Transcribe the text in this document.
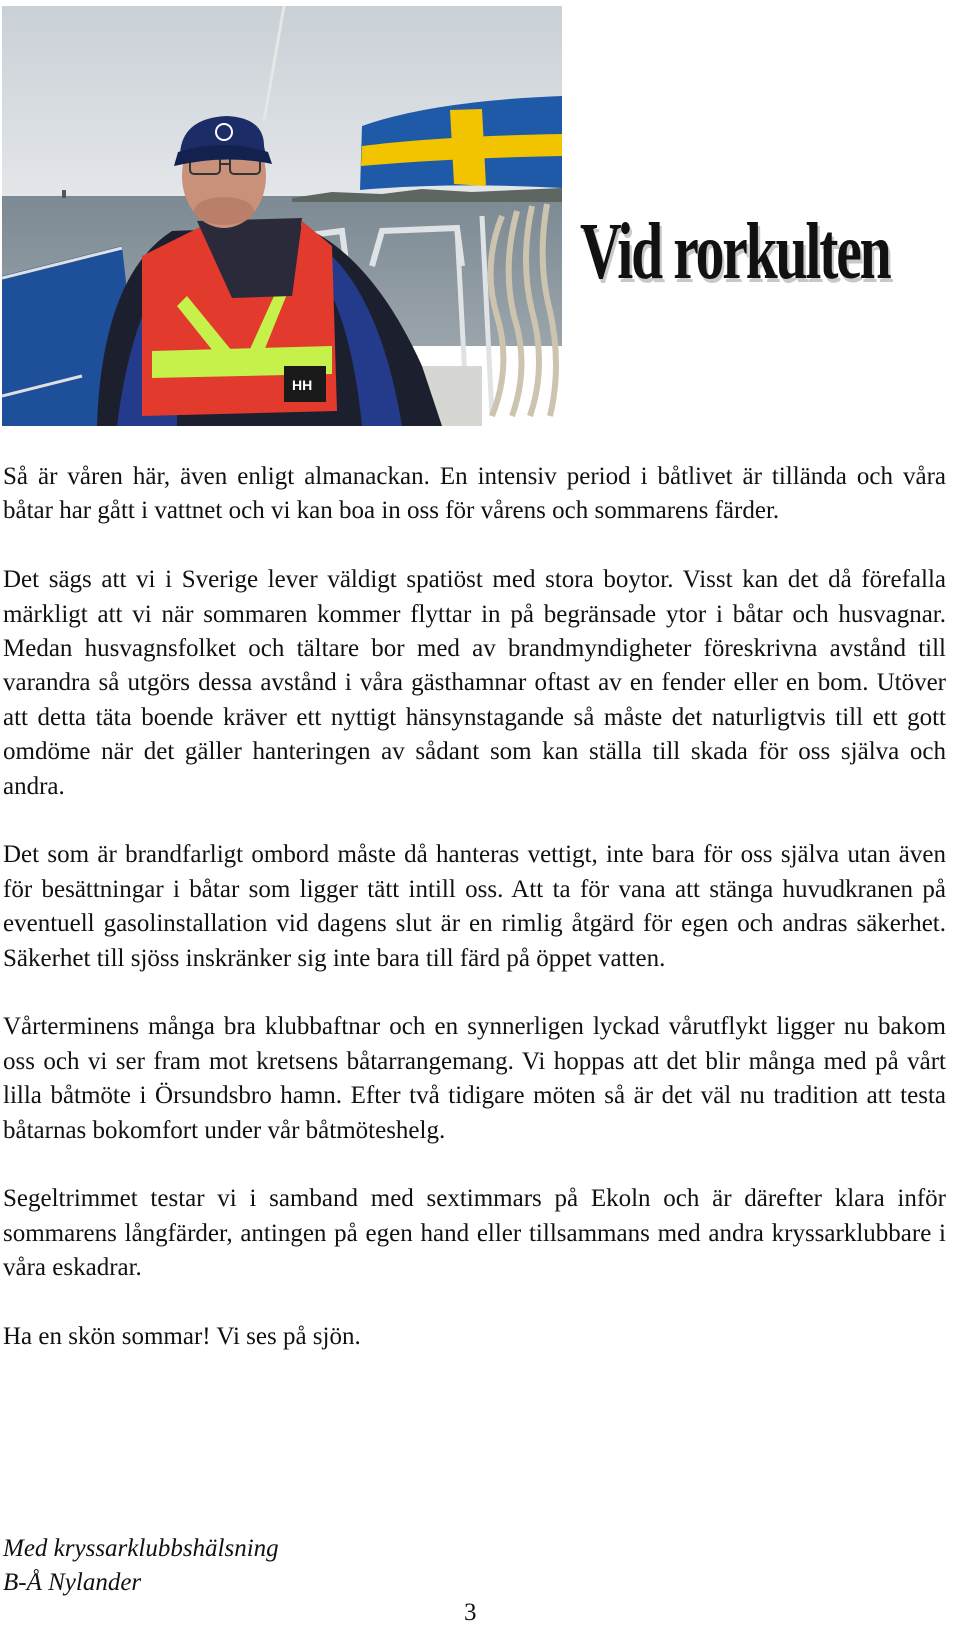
HH
Vid rorkulten

Så är våren här, även enligt almanackan. En intensiv period i båtlivet är tillända och våra båtar har gått i vattnet och vi kan boa in oss för vårens och sommarens färder.

Det sägs att vi i Sverige lever väldigt spatiöst med stora boytor. Visst kan det då förefalla märkligt att vi när sommaren kommer flyttar in på begränsade ytor i båtar och husvagnar. Medan husvagnsfolket och tältare bor med av brandmyndigheter föreskrivna avstånd till varandra så utgörs dessa avstånd i våra gästhamnar oftast av en fender eller en bom. Utöver att detta täta boende kräver ett nyttigt hänsynstagande så måste det naturligtvis till ett gott omdöme när det gäller hanteringen av sådant som kan ställa till skada för oss själva och andra.

Det som är brandfarligt ombord måste då hanteras vettigt, inte bara för oss själva utan även för besättningar i båtar som ligger tätt intill oss. Att ta för vana att stänga huvudkranen på eventuell gasolinstallation vid dagens slut är en rimlig åtgärd för egen och andras säkerhet. Säkerhet till sjöss inskränker sig inte bara till färd på öppet vatten.

Vårterminens många bra klubbaftnar och en synnerligen lyckad vårutflykt ligger nu bakom oss och vi ser fram mot kretsens båtarrangemang. Vi hoppas att det blir många med på vårt lilla båtmöte i Örsundsbro hamn. Efter två tidigare möten så är det väl nu tradition att testa båtarnas bokomfort under vår båtmöteshelg.

Segeltrimmet testar vi i samband med sextimmars på Ekoln och är därefter klara inför sommarens långfärder, antingen på egen hand eller tillsammans med andra kryssarklubbare i våra eskadrar.

Ha en skön sommar! Vi ses på sjön.

Med kryssarklubbshälsning
B-Å Nylander
3
